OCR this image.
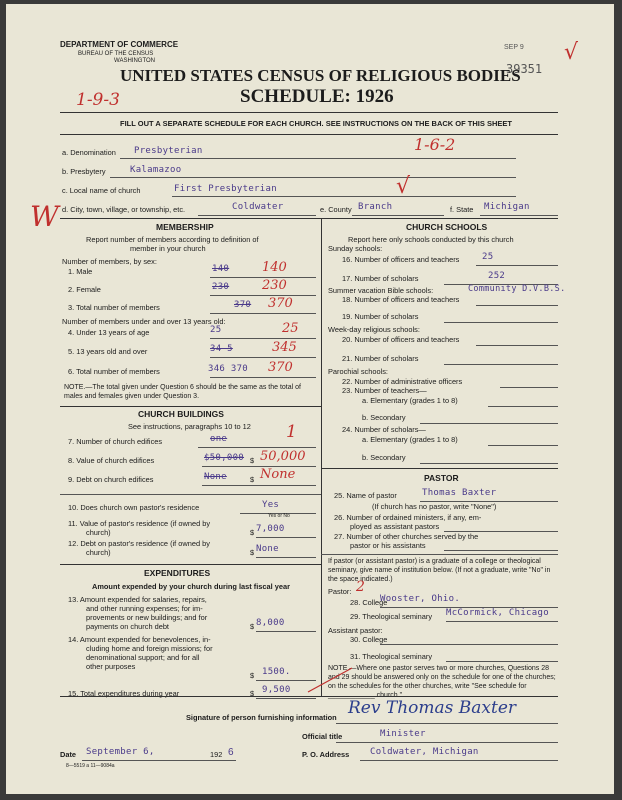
DEPARTMENT OF COMMERCE
BUREAU OF THE CENSUS
WASHINGTON
SEP 9
39351
√
UNITED STATES CENSUS OF RELIGIOUS BODIES
SCHEDULE: 1926
1-9-3
FILL OUT A SEPARATE SCHEDULE FOR EACH CHURCH. SEE INSTRUCTIONS ON THE BACK OF THIS SHEET
a. Denomination Presbyterian	1-6-2
b. Presbytery	Kalamazoo
c. Local name of church	First Presbyterian	√
d. City, town, village, or township, etc.	Coldwater	e. County Branch	f. State Michigan
W	MEMBERSHIP
Report number of members according to definition of
member in your church
Number of members, by sex:
1. Male	140	140
2. Female	230	230
3. Total number of members	370 370
Number of members under and over 13 years old:
4. Under 13 years of age	25	25
5. 13 years old and over	34 5	345
6. Total number of members	346 370 370
NOTE.—The total given under Question 6 should be the same as the total of males and females given under Question 3.
CHURCH BUILDINGS
See instructions, paragraphs 10 to 12 1
7. Number of church edifices	one
8. Value of church edifices	$
$50,000 50,000
9. Debt on church edifices	$
None	None
10. Does church own pastor's residence	Yes
Yes or No
11. Value of pastor's residence (if owned by
church)	$ 7,000
12. Debt on pastor's residence (if owned by
church)	$ None
EXPENDITURES
Amount expended by your church during last fiscal year
13. Amount expended for salaries, repairs,
and other running expenses; for im-
provements or new buildings; and for
payments on church debt	$ 8,000
14. Amount expended for benevolences, in-
cluding home and foreign missions; for
denominational support; and for all
other purposes
$ 1500.
15. Total expenditures during year	$ 9,500
CHURCH SCHOOLS
Report here only schools conducted by this church
Sunday schools:
16. Number of officers and teachers	25
17. Number of scholars	252
Summer vacation Bible schools:	Community D.V.B.S.
18. Number of officers and teachers
19. Number of scholars
Week-day religious schools:
20. Number of officers and teachers
21. Number of scholars
Parochial schools:
22. Number of administrative officers
23. Number of teachers—
a. Elementary (grades 1 to 8)
b. Secondary
24. Number of scholars—
a. Elementary (grades 1 to 8)
b. Secondary
PASTOR
25. Name of pastor	Thomas Baxter
(If church has no pastor, write "None")
26. Number of ordained ministers, if any, em-
ployed as assistant pastors
27. Number of other churches served by the
pastor or his assistants
If pastor (or assistant pastor) is a graduate of a college or theological seminary, give name of institution below. (If not a graduate, write "No" in the space indicated.)
Pastor: 2
28. College
Wooster, Ohio.
29. Theological seminary McCormick, Chicago
Assistant pastor:
30. College
31. Theological seminary
NOTE.—Where one pastor serves two or more churches, Questions 28 and 29 should be answered only on the schedule for one of the churches; on the schedules for the other churches, write "See schedule for ____________ church."
Signature of person furnishing information Rev Thomas Baxter
Official title	Minister
Date September 6,	192 6	P. O. Address Coldwater, Michigan
8—5519 a 11—9084a
